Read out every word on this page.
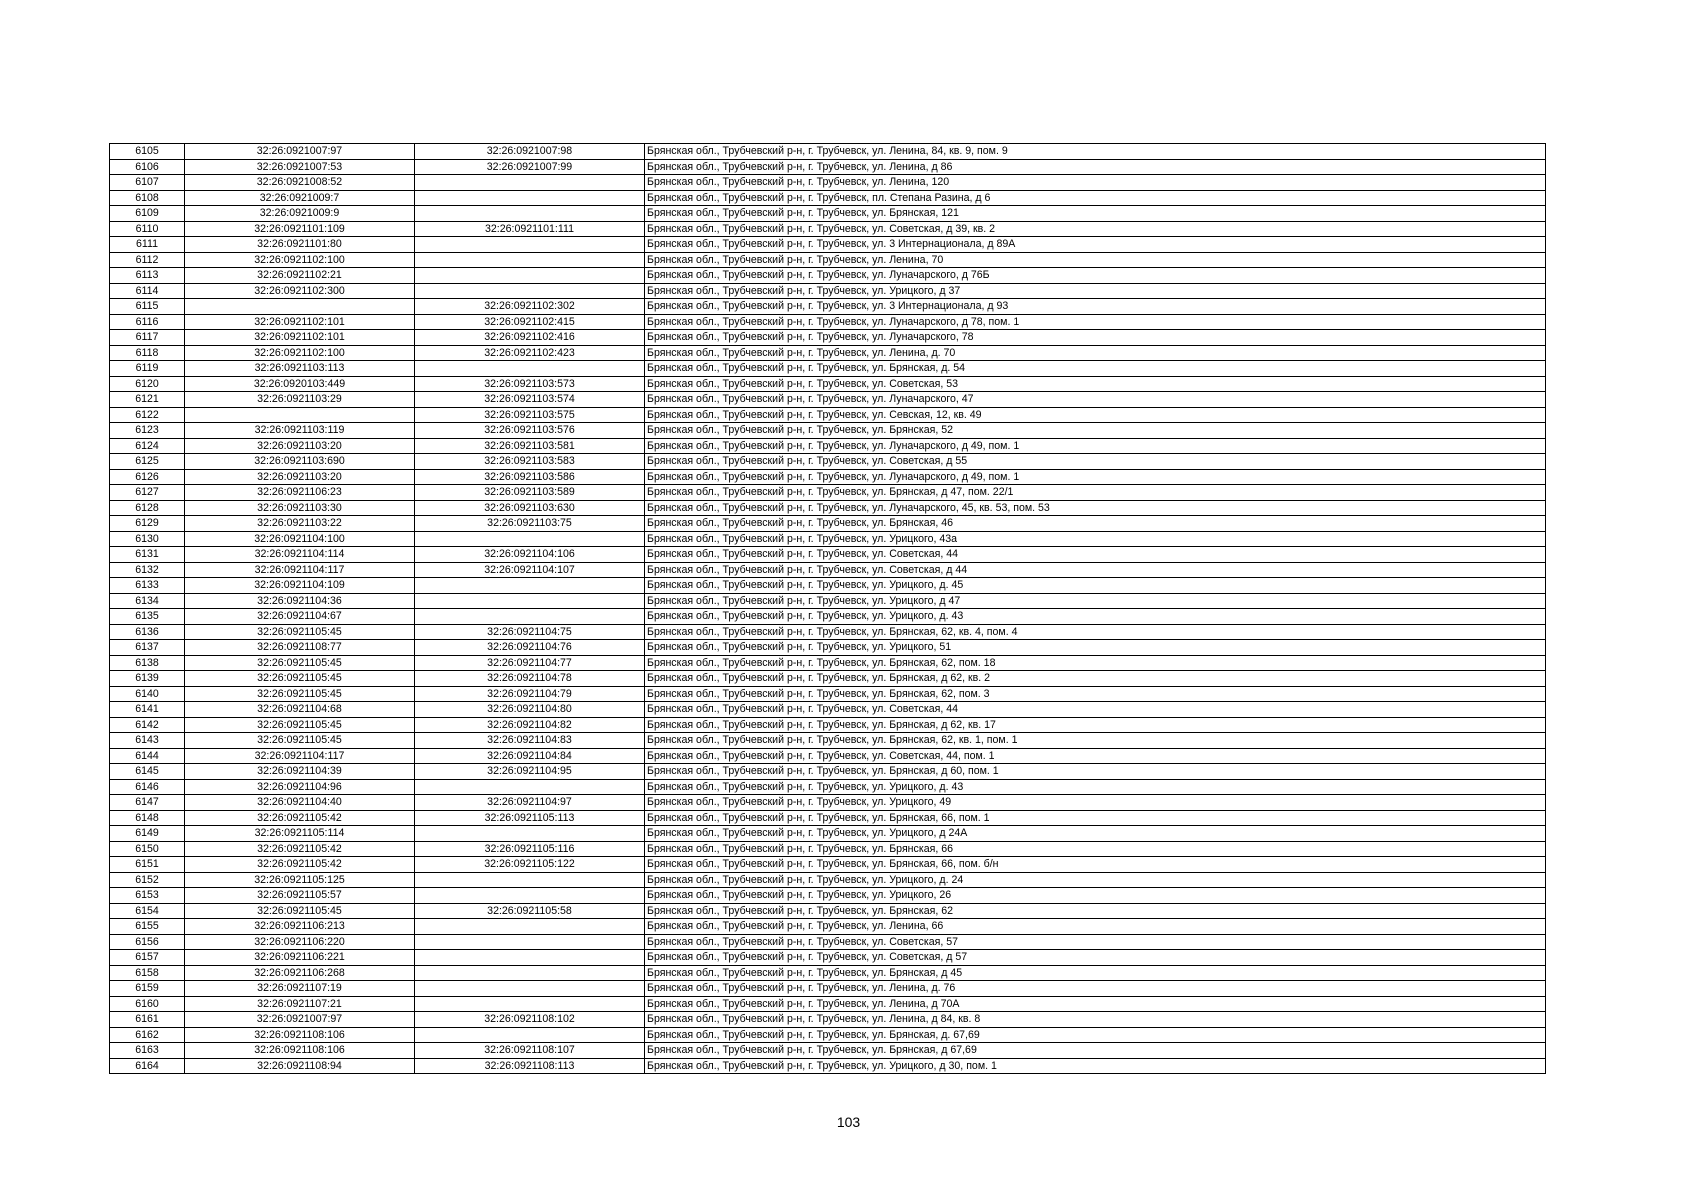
6105	32:26:0921007:97	32:26:0921007:98	Брянская обл., Трубчевский р-н, г. Трубчевск, ул. Ленина, 84, кв. 9, пом. 9
6106	32:26:0921007:53	32:26:0921007:99	Брянская обл., Трубчевский р-н, г. Трубчевск, ул. Ленина, д 86
6107	32:26:0921008:52		Брянская обл., Трубчевский р-н, г. Трубчевск, ул. Ленина, 120
6108	32:26:0921009:7		Брянская обл., Трубчевский р-н, г. Трубчевск, пл. Степана Разина, д 6
6109	32:26:0921009:9		Брянская обл., Трубчевский р-н, г. Трубчевск, ул. Брянская, 121
6110	32:26:0921101:109	32:26:0921101:111	Брянская обл., Трубчевский р-н, г. Трубчевск, ул. Советская, д 39, кв. 2
6111	32:26:0921101:80		Брянская обл., Трубчевский р-н, г. Трубчевск, ул. 3 Интернационала, д 89А
6112	32:26:0921102:100		Брянская обл., Трубчевский р-н, г. Трубчевск, ул. Ленина, 70
6113	32:26:0921102:21		Брянская обл., Трубчевский р-н, г. Трубчевск, ул. Луначарского, д 76Б
6114	32:26:0921102:300		Брянская обл., Трубчевский р-н, г. Трубчевск, ул. Урицкого, д 37
6115		32:26:0921102:302	Брянская обл., Трубчевский р-н, г. Трубчевск, ул. 3 Интернационала, д 93
6116	32:26:0921102:101	32:26:0921102:415	Брянская обл., Трубчевский р-н, г. Трубчевск, ул. Луначарского, д 78, пом. 1
6117	32:26:0921102:101	32:26:0921102:416	Брянская обл., Трубчевский р-н, г. Трубчевск, ул. Луначарского, 78
6118	32:26:0921102:100	32:26:0921102:423	Брянская обл., Трубчевский р-н, г. Трубчевск, ул. Ленина, д. 70
6119	32:26:0921103:113		Брянская обл., Трубчевский р-н, г. Трубчевск, ул. Брянская, д. 54
6120	32:26:0920103:449	32:26:0921103:573	Брянская обл., Трубчевский р-н, г. Трубчевск, ул. Советская, 53
6121	32:26:0921103:29	32:26:0921103:574	Брянская обл., Трубчевский р-н, г. Трубчевск, ул. Луначарского, 47
6122		32:26:0921103:575	Брянская обл., Трубчевский р-н, г. Трубчевск, ул. Севская, 12, кв. 49
6123	32:26:0921103:119	32:26:0921103:576	Брянская обл., Трубчевский р-н, г. Трубчевск, ул. Брянская, 52
6124	32:26:0921103:20	32:26:0921103:581	Брянская обл., Трубчевский р-н, г. Трубчевск, ул. Луначарского, д 49, пом. 1
6125	32:26:0921103:690	32:26:0921103:583	Брянская обл., Трубчевский р-н, г. Трубчевск, ул. Советская, д 55
6126	32:26:0921103:20	32:26:0921103:586	Брянская обл., Трубчевский р-н, г. Трубчевск, ул. Луначарского, д 49, пом. 1
6127	32:26:0921106:23	32:26:0921103:589	Брянская обл., Трубчевский р-н, г. Трубчевск, ул. Брянская, д 47, пом. 22/1
6128	32:26:0921103:30	32:26:0921103:630	Брянская обл., Трубчевский р-н, г. Трубчевск, ул. Луначарского, 45, кв. 53, пом. 53
6129	32:26:0921103:22	32:26:0921103:75	Брянская обл., Трубчевский р-н, г. Трубчевск, ул. Брянская, 46
6130	32:26:0921104:100		Брянская обл., Трубчевский р-н, г. Трубчевск, ул. Урицкого, 43а
6131	32:26:0921104:114	32:26:0921104:106	Брянская обл., Трубчевский р-н, г. Трубчевск, ул. Советская, 44
6132	32:26:0921104:117	32:26:0921104:107	Брянская обл., Трубчевский р-н, г. Трубчевск, ул. Советская, д 44
6133	32:26:0921104:109		Брянская обл., Трубчевский р-н, г. Трубчевск, ул. Урицкого, д. 45
6134	32:26:0921104:36		Брянская обл., Трубчевский р-н, г. Трубчевск, ул. Урицкого, д 47
6135	32:26:0921104:67		Брянская обл., Трубчевский р-н, г. Трубчевск, ул. Урицкого, д. 43
6136	32:26:0921105:45	32:26:0921104:75	Брянская обл., Трубчевский р-н, г. Трубчевск, ул. Брянская, 62, кв. 4, пом. 4
6137	32:26:0921108:77	32:26:0921104:76	Брянская обл., Трубчевский р-н, г. Трубчевск, ул. Урицкого, 51
6138	32:26:0921105:45	32:26:0921104:77	Брянская обл., Трубчевский р-н, г. Трубчевск, ул. Брянская, 62, пом. 18
6139	32:26:0921105:45	32:26:0921104:78	Брянская обл., Трубчевский р-н, г. Трубчевск, ул. Брянская, д 62, кв. 2
6140	32:26:0921105:45	32:26:0921104:79	Брянская обл., Трубчевский р-н, г. Трубчевск, ул. Брянская, 62, пом. 3
6141	32:26:0921104:68	32:26:0921104:80	Брянская обл., Трубчевский р-н, г. Трубчевск, ул. Советская, 44
6142	32:26:0921105:45	32:26:0921104:82	Брянская обл., Трубчевский р-н, г. Трубчевск, ул. Брянская, д 62, кв. 17
6143	32:26:0921105:45	32:26:0921104:83	Брянская обл., Трубчевский р-н, г. Трубчевск, ул. Брянская, 62, кв. 1, пом. 1
6144	32:26:0921104:117	32:26:0921104:84	Брянская обл., Трубчевский р-н, г. Трубчевск, ул. Советская, 44, пом. 1
6145	32:26:0921104:39	32:26:0921104:95	Брянская обл., Трубчевский р-н, г. Трубчевск, ул. Брянская, д 60, пом. 1
6146	32:26:0921104:96		Брянская обл., Трубчевский р-н, г. Трубчевск, ул. Урицкого, д. 43
6147	32:26:0921104:40	32:26:0921104:97	Брянская обл., Трубчевский р-н, г. Трубчевск, ул. Урицкого, 49
6148	32:26:0921105:42	32:26:0921105:113	Брянская обл., Трубчевский р-н, г. Трубчевск, ул. Брянская, 66, пом. 1
6149	32:26:0921105:114		Брянская обл., Трубчевский р-н, г. Трубчевск, ул. Урицкого, д 24А
6150	32:26:0921105:42	32:26:0921105:116	Брянская обл., Трубчевский р-н, г. Трубчевск, ул. Брянская, 66
6151	32:26:0921105:42	32:26:0921105:122	Брянская обл., Трубчевский р-н, г. Трубчевск, ул. Брянская, 66, пом. б/н
6152	32:26:0921105:125		Брянская обл., Трубчевский р-н, г. Трубчевск, ул. Урицкого, д. 24
6153	32:26:0921105:57		Брянская обл., Трубчевский р-н, г. Трубчевск, ул. Урицкого, 26
6154	32:26:0921105:45	32:26:0921105:58	Брянская обл., Трубчевский р-н, г. Трубчевск, ул. Брянская, 62
6155	32:26:0921106:213		Брянская обл., Трубчевский р-н, г. Трубчевск, ул. Ленина, 66
6156	32:26:0921106:220		Брянская обл., Трубчевский р-н, г. Трубчевск, ул. Советская, 57
6157	32:26:0921106:221		Брянская обл., Трубчевский р-н, г. Трубчевск, ул. Советская, д 57
6158	32:26:0921106:268		Брянская обл., Трубчевский р-н, г. Трубчевск, ул. Брянская, д 45
6159	32:26:0921107:19		Брянская обл., Трубчевский р-н, г. Трубчевск, ул. Ленина, д. 76
6160	32:26:0921107:21		Брянская обл., Трубчевский р-н, г. Трубчевск, ул. Ленина, д 70А
6161	32:26:0921007:97	32:26:0921108:102	Брянская обл., Трубчевский р-н, г. Трубчевск, ул. Ленина, д 84, кв. 8
6162	32:26:0921108:106		Брянская обл., Трубчевский р-н, г. Трубчевск, ул. Брянская, д. 67,69
6163	32:26:0921108:106	32:26:0921108:107	Брянская обл., Трубчевский р-н, г. Трубчевск, ул. Брянская, д 67,69
6164	32:26:0921108:94	32:26:0921108:113	Брянская обл., Трубчевский р-н, г. Трубчевск, ул. Урицкого, д 30, пом. 1
103
